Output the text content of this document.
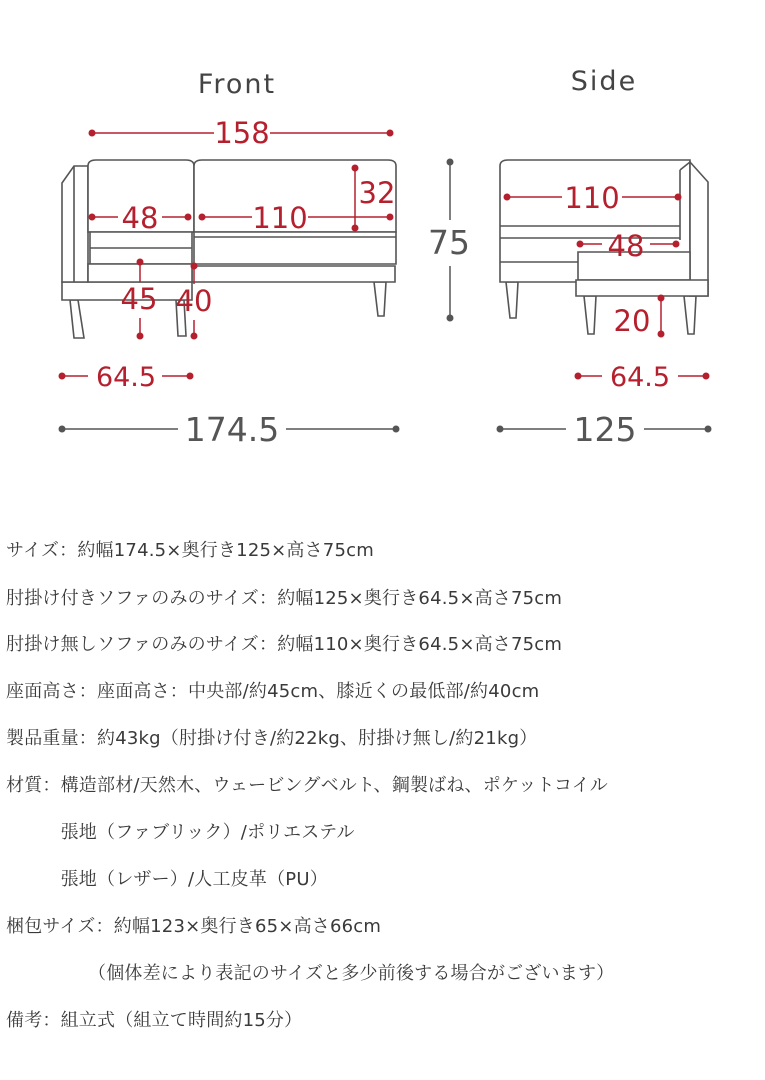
Front
158
48	110
32
45 40
64.5
174.5
75
Side
110
48
20
64.5
125
サイズ：約幅174.5×奥行き125×高さ75cm
肘掛け付きソファのみのサイズ：約幅125×奥行き64.5×高さ75cm
肘掛け無しソファのみのサイズ：約幅110×奥行き64.5×高さ75cm
座面高さ：座面高さ：中央部/約45cm、膝近くの最低部/約40cm
製品重量：約43kg（肘掛け付き/約22kg、肘掛け無し/約21kg）
材質：構造部材/天然木、ウェービングベルト、鋼製ばね、ポケットコイル
　　　張地（ファブリック）/ポリエステル
　　　張地（レザー）/人工皮革（PU）
梱包サイズ：約幅123×奥行き65×高さ66cm
　　　　　（個体差により表記のサイズと多少前後する場合がございます）
備考：組立式（組立て時間約15分）
